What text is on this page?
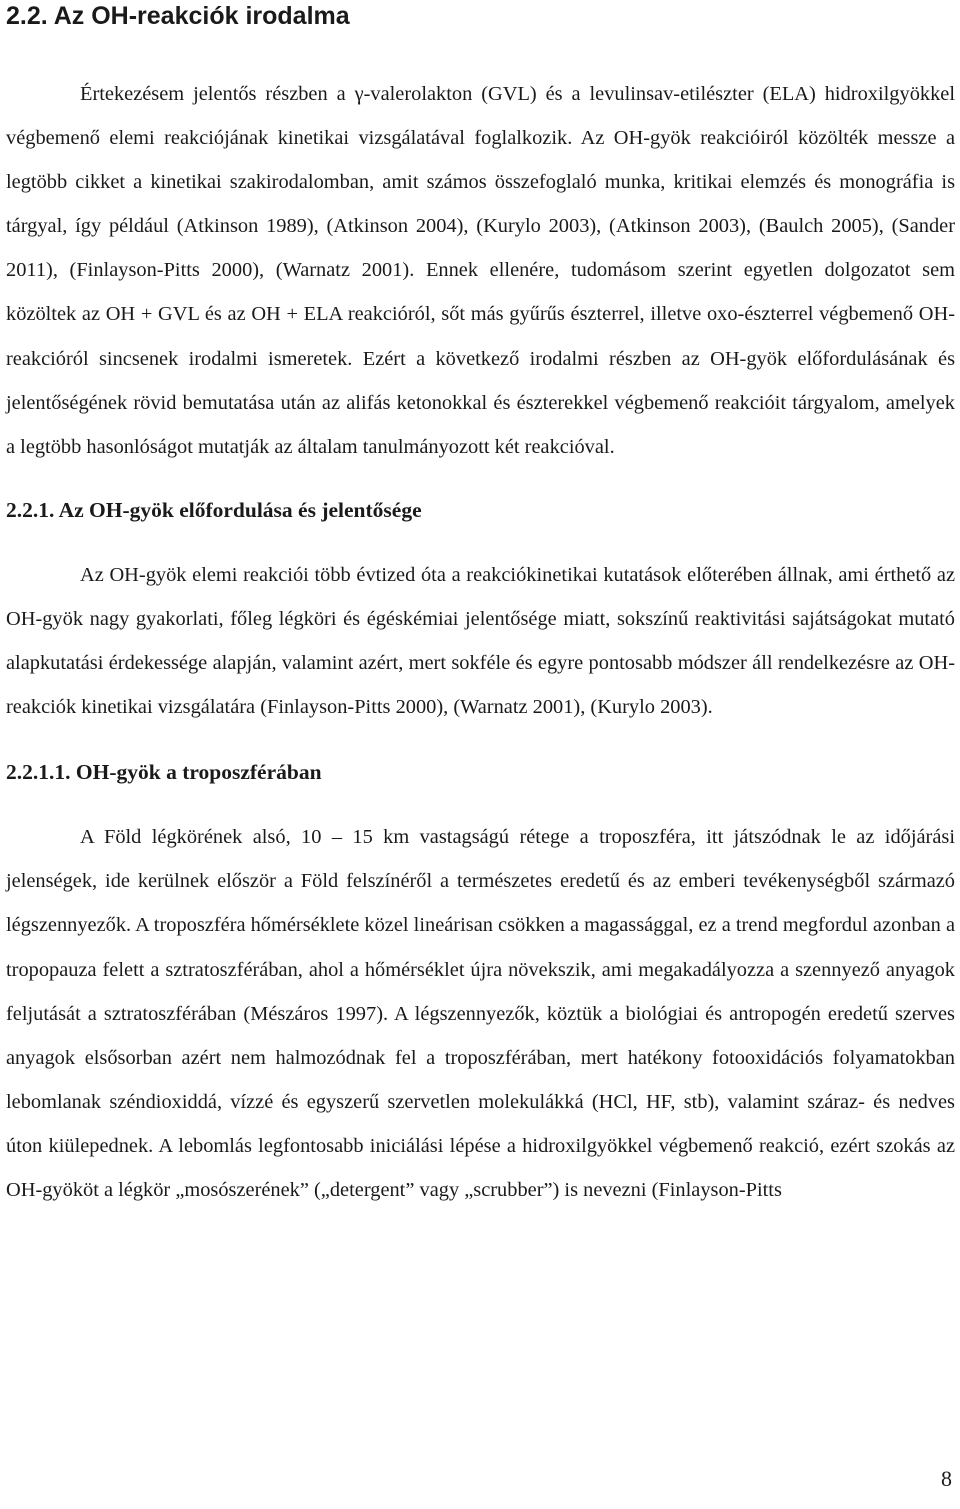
2.2. Az OH-reakciók irodalma

Értekezésem jelentős részben a γ-valerolakton (GVL) és a levulinsav-etilészter (ELA) hidroxilgyökkel végbemenő elemi reakciójának kinetikai vizsgálatával foglalkozik. Az OH-gyök reakcióiról közölték messze a legtöbb cikket a kinetikai szakirodalomban, amit számos összefoglaló munka, kritikai elemzés és monográfia is tárgyal, így például (Atkinson 1989), (Atkinson 2004), (Kurylo 2003), (Atkinson 2003), (Baulch 2005), (Sander 2011), (Finlayson-Pitts 2000), (Warnatz 2001). Ennek ellenére, tudomásom szerint egyetlen dolgozatot sem közöltek az OH + GVL és az OH + ELA reakcióról, sőt más gyűrűs észterrel, illetve oxo-észterrel végbemenő OH-reakcióról sincsenek irodalmi ismeretek. Ezért a következő irodalmi részben az OH-gyök előfordulásának és jelentőségének rövid bemutatása után az alifás ketonokkal és észterekkel végbemenő reakcióit tárgyalom, amelyek a legtöbb hasonlóságot mutatják az általam tanulmányozott két reakcióval.

2.2.1. Az OH-gyök előfordulása és jelentősége

Az OH-gyök elemi reakciói több évtized óta a reakciókinetikai kutatások előterében állnak, ami érthető az OH-gyök nagy gyakorlati, főleg légköri és égéskémiai jelentősége miatt, sokszínű reaktivitási sajátságokat mutató alapkutatási érdekessége alapján, valamint azért, mert sokféle és egyre pontosabb módszer áll rendelkezésre az OH-reakciók kinetikai vizsgálatára (Finlayson-Pitts 2000), (Warnatz 2001), (Kurylo 2003).

2.2.1.1. OH-gyök a troposzférában

A Föld légkörének alsó, 10 – 15 km vastagságú rétege a troposzféra, itt játszódnak le az időjárási jelenségek, ide kerülnek először a Föld felszínéről a természetes eredetű és az emberi tevékenységből származó légszennyezők. A troposzféra hőmérséklete közel lineárisan csökken a magassággal, ez a trend megfordul azonban a tropopauza felett a sztratoszférában, ahol a hőmérséklet újra növekszik, ami megakadályozza a szennyező anyagok feljutását a sztratoszférában (Mészáros 1997). A légszennyezők, köztük a biológiai és antropogén eredetű szerves anyagok elsősorban azért nem halmozódnak fel a troposzférában, mert hatékony fotooxidációs folyamatokban lebomlanak széndioxiddá, vízzé és egyszerű szervetlen molekulákká (HCl, HF, stb), valamint száraz- és nedves úton kiülepednek. A lebomlás legfontosabb iniciálási lépése a hidroxilgyökkel végbemenő reakció, ezért szokás az OH-gyököt a légkör „mosószerének” („detergent” vagy „scrubber”) is nevezni (Finlayson-Pitts

8
